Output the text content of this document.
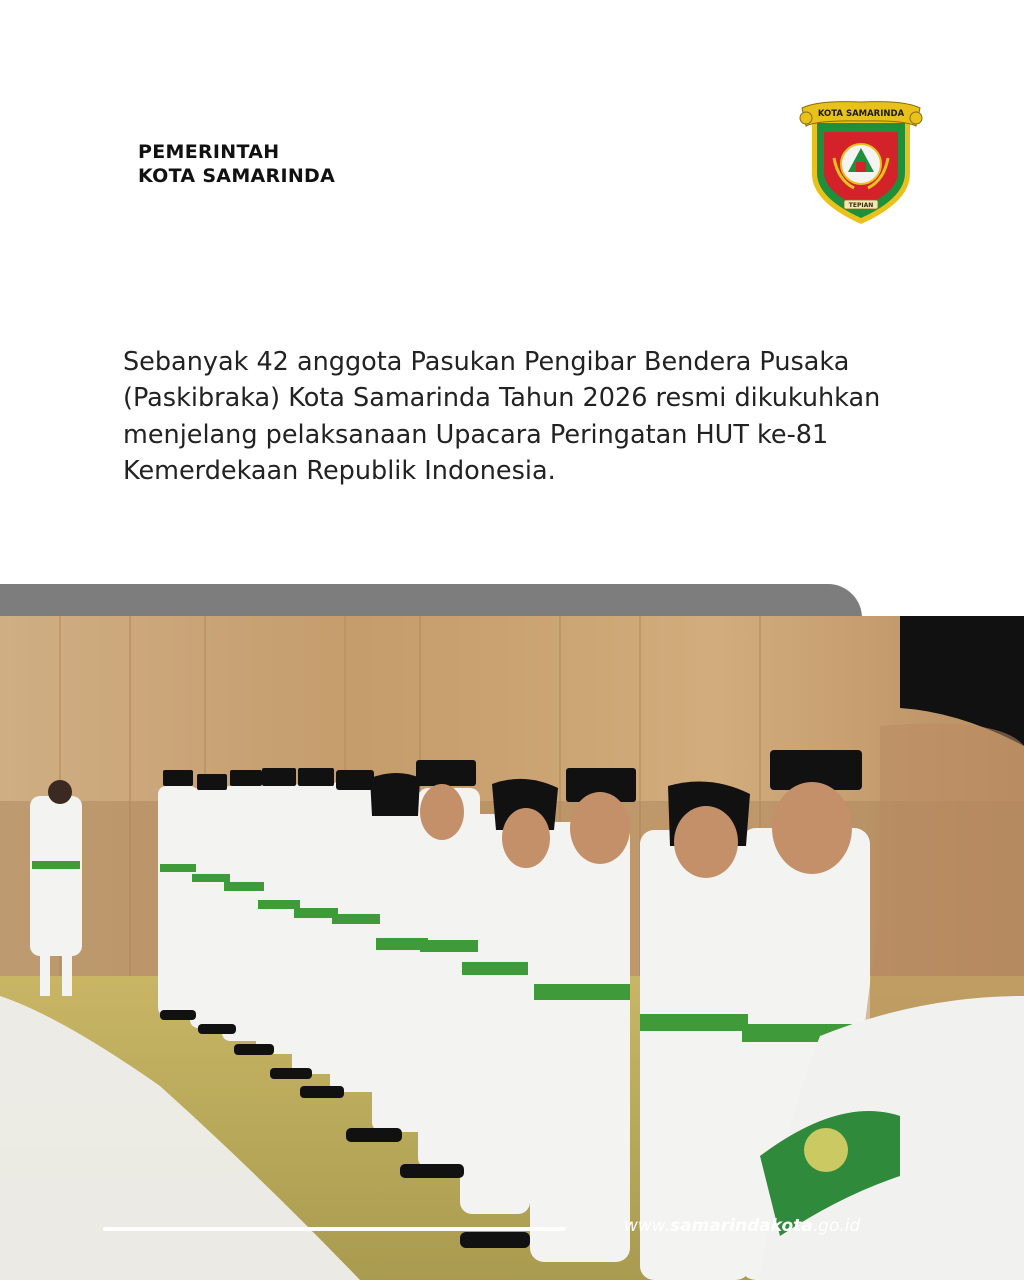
PEMERINTAH
KOTA SAMARINDA
KOTA SAMARINDA
TEPIAN

Sebanyak 42 anggota Pasukan Pengibar Bendera Pusaka (Paskibraka) Kota Samarinda Tahun 2026 resmi dikukuhkan menjelang pelaksanaan Upacara Peringatan HUT ke-81 Kemerdekaan Republik Indonesia.

www.samarindakota.go.id
